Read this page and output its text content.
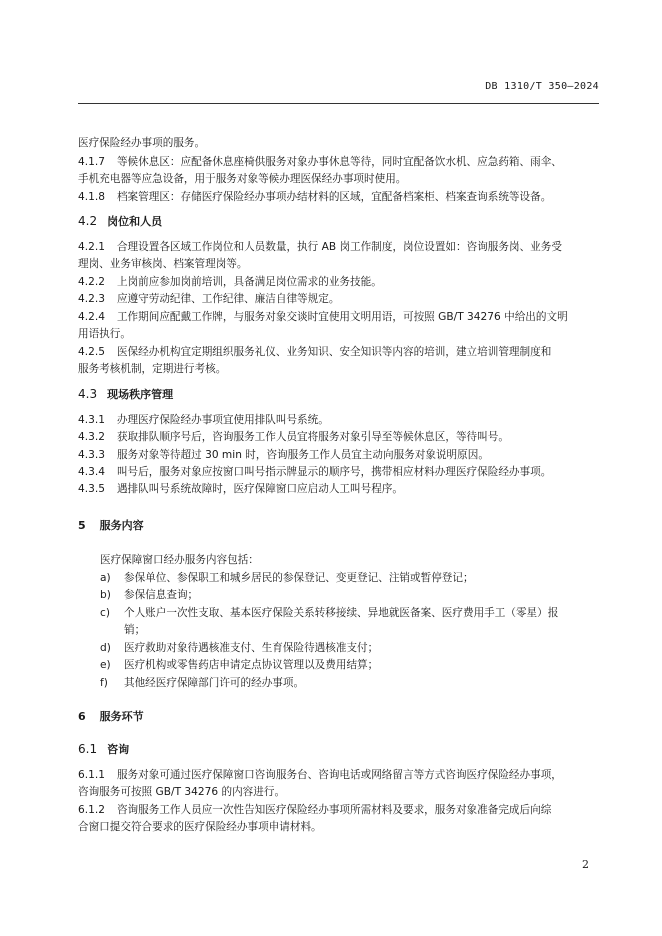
DB 1310/T 350—2024
医疗保险经办事项的服务。
4.1.7 等候休息区：应配备休息座椅供服务对象办事休息等待，同时宜配备饮水机、应急药箱、雨伞、
手机充电器等应急设备，用于服务对象等候办理医保经办事项时使用。
4.1.8 档案管理区：存储医疗保险经办事项办结材料的区域，宜配备档案柜、档案查询系统等设备。
4.2 岗位和人员
4.2.1 合理设置各区域工作岗位和人员数量，执行 AB 岗工作制度，岗位设置如：咨询服务岗、业务受
理岗、业务审核岗、档案管理岗等。
4.2.2 上岗前应参加岗前培训，具备满足岗位需求的业务技能。
4.2.3 应遵守劳动纪律、工作纪律、廉洁自律等规定。
4.2.4 工作期间应配戴工作牌，与服务对象交谈时宜使用文明用语，可按照 GB/T 34276 中给出的文明
用语执行。
4.2.5 医保经办机构宜定期组织服务礼仪、业务知识、安全知识等内容的培训，建立培训管理制度和
服务考核机制，定期进行考核。
4.3 现场秩序管理
4.3.1 办理医疗保险经办事项宜使用排队叫号系统。
4.3.2 获取排队顺序号后，咨询服务工作人员宜将服务对象引导至等候休息区，等待叫号。
4.3.3 服务对象等待超过 30 min 时，咨询服务工作人员宜主动向服务对象说明原因。
4.3.4 叫号后，服务对象应按窗口叫号指示牌显示的顺序号，携带相应材料办理医疗保险经办事项。
4.3.5 遇排队叫号系统故障时，医疗保障窗口应启动人工叫号程序。
5 服务内容
医疗保障窗口经办服务内容包括：
a) 参保单位、参保职工和城乡居民的参保登记、变更登记、注销或暂停登记；
b) 参保信息查询；
c) 个人账户一次性支取、基本医疗保险关系转移接续、异地就医备案、医疗费用手工（零星）报
销；
d) 医疗救助对象待遇核准支付、生育保险待遇核准支付；
e) 医疗机构或零售药店申请定点协议管理以及费用结算；
f) 其他经医疗保障部门许可的经办事项。
6 服务环节
6.1 咨询
6.1.1 服务对象可通过医疗保障窗口咨询服务台、咨询电话或网络留言等方式咨询医疗保险经办事项，
咨询服务可按照 GB/T 34276 的内容进行。
6.1.2 咨询服务工作人员应一次性告知医疗保险经办事项所需材料及要求，服务对象准备完成后向综
合窗口提交符合要求的医疗保险经办事项申请材料。
2
